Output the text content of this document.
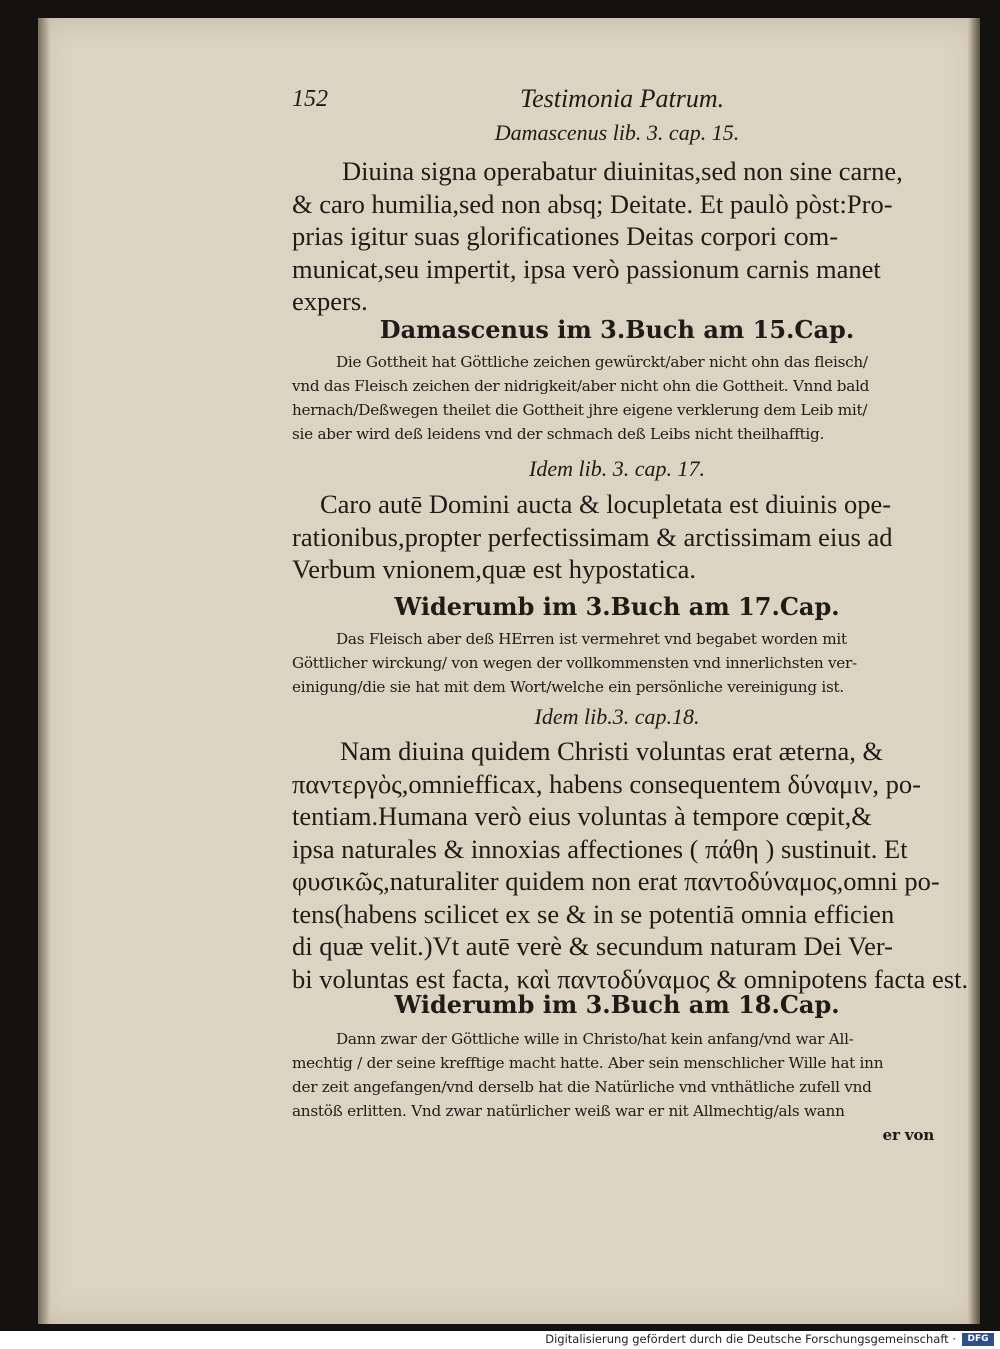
152	Testimonia Patrum.
Damascenus lib. 3. cap. 15.
Diuina signa operabatur diuinitas,sed non sine carne,
& caro humilia,sed non absq; Deitate. Et paulò pòst:Pro-
prias igitur suas glorificationes Deitas corpori com-
municat,seu impertit, ipsa verò passionum carnis manet
expers.
Damascenus im 3.Buch am 15.Cap.
Die Gottheit hat Göttliche zeichen gewürckt/aber nicht ohn das fleisch/
vnd das Fleisch zeichen der nidrigkeit/aber nicht ohn die Gottheit. Vnnd bald
hernach/Deßwegen theilet die Gottheit jhre eigene verklerung dem Leib mit/
sie aber wird deß leidens vnd der schmach deß Leibs nicht theilhafftig.
Idem lib. 3. cap. 17.
Caro autē Domini aucta & locupletata est diuinis ope-
rationibus,propter perfectissimam & arctissimam eius ad
Verbum vnionem,quæ est hypostatica.
Widerumb im 3.Buch am 17.Cap.
Das Fleisch aber deß HErren ist vermehret vnd begabet worden mit
Göttlicher wirckung/ von wegen der vollkommensten vnd innerlichsten ver-
einigung/die sie hat mit dem Wort/welche ein persönliche vereinigung ist.
Idem lib.3. cap.18.
Nam diuina quidem Christi voluntas erat æterna, &
παντεργὸς,omniefficax, habens consequentem δύναμιν, po-
tentiam.Humana verò eius voluntas à tempore cœpit,&
ipsa naturales & innoxias affectiones ( πάθη ) sustinuit. Et
φυσικῶς,naturaliter quidem non erat παντοδύναμος,omni po-
tens(habens scilicet ex se & in se potentiā omnia efficien
di quæ velit.)Vt autē verè & secundum naturam Dei Ver-
bi voluntas est facta, καὶ παντοδύναμος & omnipotens facta est.
Widerumb im 3.Buch am 18.Cap.
Dann zwar der Göttliche wille in Christo/hat kein anfang/vnd war All-
mechtig / der seine krefftige macht hatte. Aber sein menschlicher Wille hat inn
der zeit angefangen/vnd derselb hat die Natürliche vnd vnthätliche zufell vnd
anstöß erlitten. Vnd zwar natürlicher weiß war er nit Allmechtig/als wann
er von
Digitalisierung gefördert durch die Deutsche Forschungsgemeinschaft ·	DFG
